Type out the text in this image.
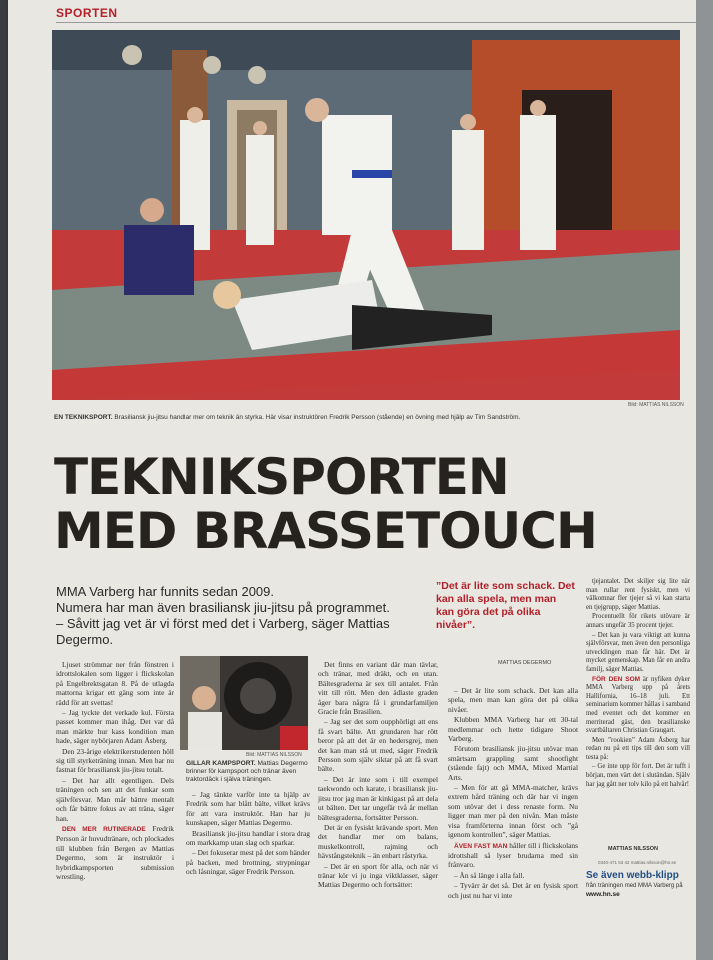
SPORTEN
Bild: MATTIAS NILSSON
EN TEKNIKSPORT. Brasiliansk jiu-jitsu handlar mer om teknik än styrka. Här visar instruktören Fredrik Persson (stående) en övning med hjälp av Tim Sandström.
TEKNIKSPORTEN
MED BRASSETOUCH

MMA Varberg har funnits sedan 2009.

Numera har man även brasiliansk jiu-jitsu på programmet.

– Såvitt jag vet är vi först med det i Varberg, säger Mattias Degermo.

”Det är lite som schack. Det kan alla spela, men man kan göra det på olika nivåer”.
MATTIAS DEGERMO

Ljuset strömmar ner från fönstren i idrottslokalen som ligger i flickskolan på Engelbrektsgatan 8. På de utlagda mattorna krigar ett gäng som inte är rädd för att svettas!

– Jag tyckte det verkade kul. Första passet kommer man ihåg. Det var då man märkte hur kass kondition man hade, säger nybörjaren Adam Åsberg.

Den 23-årige elektrikerstudenten höll sig till styrketräning innan. Men har nu fastnat för brasiliansk jiu-jitsu totalt.

– Det har allt egentligen. Dels träningen och sen att det funkar som självförsvar. Man mår bättre mentalt och får bättre fokus av att träna, säger han.

DEN MER RUTINERADE Fredrik Persson är huvudtränare, och plockades till klubben från Bergen av Mattias Degermo, som är instruktör i hybridkampsporten submission wrestling.

Bild: MATTIAS NILSSON
GILLAR KAMPSPORT. Mattias Degermo brinner för kampsport och tränar även traktordäck i själva träningen.

– Jag tänkte varför inte ta hjälp av Fredrik som har blått bälte, vilket krävs för att vara instruktör. Han har ju kunskapen, säger Mattias Degermo.

Brasiliansk jiu-jitsu handlar i stora drag om markkamp utan slag och sparkar.

– Det fokuserar mest på det som händer på backen, med brottning, strypningar och låsningar, säger Fredrik Persson.

Det finns en variant där man tävlar, och tränar, med dräkt, och en utan. Bältesgraderna är sex till antalet. Från vitt till rött. Men den ädlaste graden åger bara några få i grundarfamiljen Gracie från Brasilien.

– Jag ser det som oupphörligt att ens få svart bälte. Att grundaren har rött beror på att det är en hedersgrej, men det kan man stå ut med, säger Fredrik Persson som själv siktar på att få svart bälte.

– Det är inte som i till exempel taekwondo och karate, i brasiliansk jiu-jitsu tror jag man är kinkigast på att dela ut bälten. Det tar ungefär två år mellan bältesgraderna, fortsätter Persson.

Det är en fysiskt krävande sport. Men det handlar mer om balans, muskelkontroll, rajming och hävstångsteknik – än enbart råstyrka.

– Det är en sport för alla, och när vi tränar kör vi ju inga viktklasser, säger Mattias Degermo och fortsätter:

– Det är lite som schack. Det kan alla spela, men man kan göra det på olika nivåer.

Klubben MMA Varberg har ett 30-tal medlemmar och hette tidigare Shoot Varberg.

Förutom brasiliansk jiu-jitsu utövar man smärtsam grappling samt shootfight (stående fajt) och MMA, Mixed Martial Arts.

– Men för att gå MMA-matcher, krävs extrem hård träning och där har vi ingen som utövar det i dess renaste form. Nu ligger man mer på den nivån. Man måste visa framförterna innan först och ”gå igenom kontrollen”, säger Mattias.

ÄVEN FAST MAN håller till i flickskolans idrottshall så lyser brudarna med sin frånvaro.

– Än så länge i alla fall.

– Tyvärr är det så. Det är en fysisk sport och just nu har vi inte

tjejantalet. Det skiljer sig lite när man rullar rent fysiskt, men vi välkomnar fler tjejer så vi kan starta en tjejgrupp, säger Mattias.

Procentuellt för rikets utövare är annars ungefär 35 procent tjejer.

– Det kan ju vara viktigt att kunna självförsvar, men även den personliga utvecklingen man får här. Det är mycket gemenskap. Man får en andra familj, säger Mattias.

FÖR DEN SOM är nyfiken dyker MMA Varberg upp på årets Hallifornia, 16–18 juli. Ett seminarium kommer hållas i samband med eventet och det kommer en merriterad gäst, den brasilianske svartbältaren Christian Graugart.

Men ”rookien” Adam Åsberg har redan nu på ett tips till den som vill testa på:

– Ge inte upp för fort. Det är tufft i början, men värt det i slutändan. Själv har jag gått ner tolv kilo på ett halvår!

MATTIAS NILSSON
0340-471 53 42 mattias.nilsson@hn.se
Se även webb-klipp
från träningen med MMA Varberg på
www.hn.se
